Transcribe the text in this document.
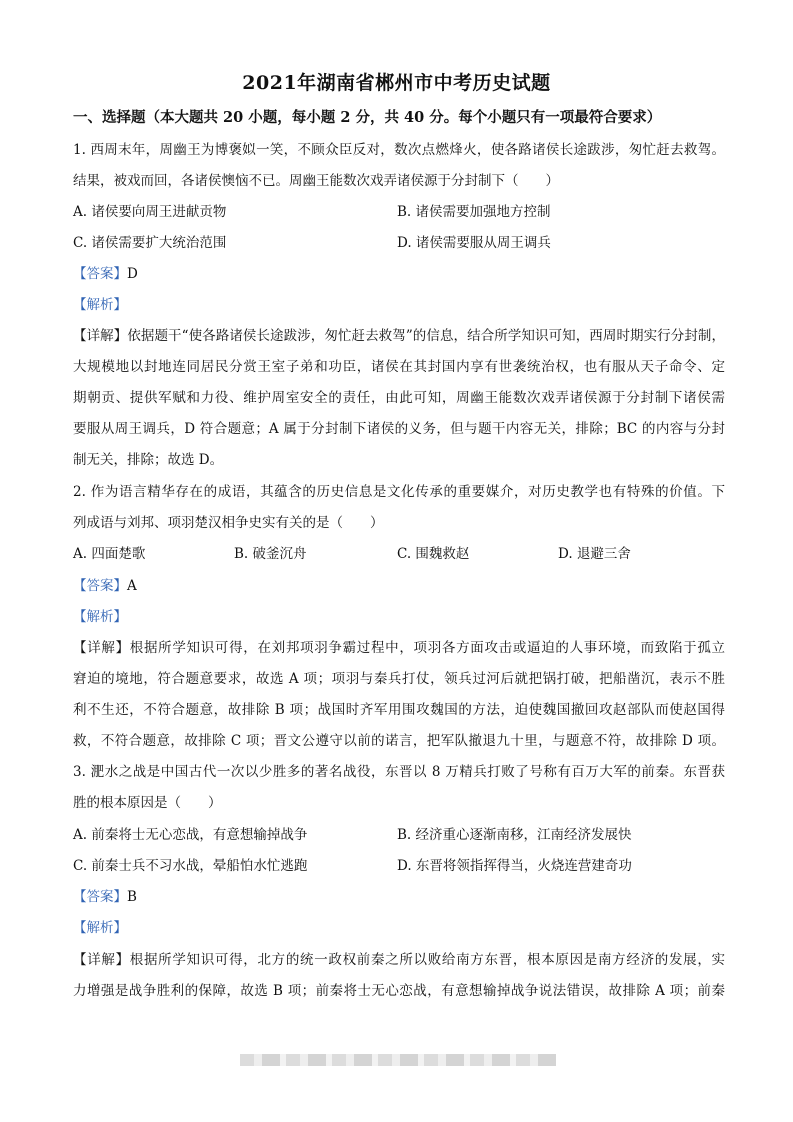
2021年湖南省郴州市中考历史试题
一、选择题（本大题共 20 小题，每小题 2 分，共 40 分。每个小题只有一项最符合要求）
1. 西周末年，周幽王为博褒姒一笑，不顾众臣反对，数次点燃烽火，使各路诸侯长途跋涉，匆忙赶去救驾。
结果，被戏而回，各诸侯懊恼不已。周幽王能数次戏弄诸侯源于分封制下（　　）
A. 诸侯要向周王进献贡物	B. 诸侯需要加强地方控制
C. 诸侯需要扩大统治范围	D. 诸侯需要服从周王调兵
【答案】D
【解析】
【详解】依据题干“使各路诸侯长途跋涉，匆忙赶去救驾”的信息，结合所学知识可知，西周时期实行分封制，
大规模地以封地连同居民分赏王室子弟和功臣，诸侯在其封国内享有世袭统治权，也有服从天子命令、定
期朝贡、提供军赋和力役、维护周室安全的责任，由此可知，周幽王能数次戏弄诸侯源于分封制下诸侯需
要服从周王调兵，D 符合题意；A 属于分封制下诸侯的义务，但与题干内容无关，排除；BC 的内容与分封
制无关，排除；故选 D。
2. 作为语言精华存在的成语，其蕴含的历史信息是文化传承的重要媒介，对历史教学也有特殊的价值。下
列成语与刘邦、项羽楚汉相争史实有关的是（　　）
A. 四面楚歌	B. 破釜沉舟	C. 围魏救赵	D. 退避三舍
【答案】A
【解析】
【详解】根据所学知识可得，在刘邦项羽争霸过程中，项羽各方面攻击或逼迫的人事环境，而致陷于孤立
窘迫的境地，符合题意要求，故选 A 项；项羽与秦兵打仗，领兵过河后就把锅打破，把船凿沉，表示不胜
利不生还，不符合题意，故排除 B 项；战国时齐军用围攻魏国的方法，迫使魏国撤回攻赵部队而使赵国得
救，不符合题意，故排除 C 项；晋文公遵守以前的诺言，把军队撤退九十里，与题意不符，故排除 D 项。
3. 淝水之战是中国古代一次以少胜多的著名战役，东晋以 8 万精兵打败了号称有百万大军的前秦。东晋获
胜的根本原因是（　　）
A. 前秦将士无心恋战，有意想输掉战争	B. 经济重心逐渐南移，江南经济发展快
C. 前秦士兵不习水战，晕船怕水忙逃跑	D. 东晋将领指挥得当，火烧连营建奇功
【答案】B
【解析】
【详解】根据所学知识可得，北方的统一政权前秦之所以败给南方东晋，根本原因是南方经济的发展，实
力增强是战争胜利的保障，故选 B 项；前秦将士无心恋战，有意想输掉战争说法错误，故排除 A 项；前秦
